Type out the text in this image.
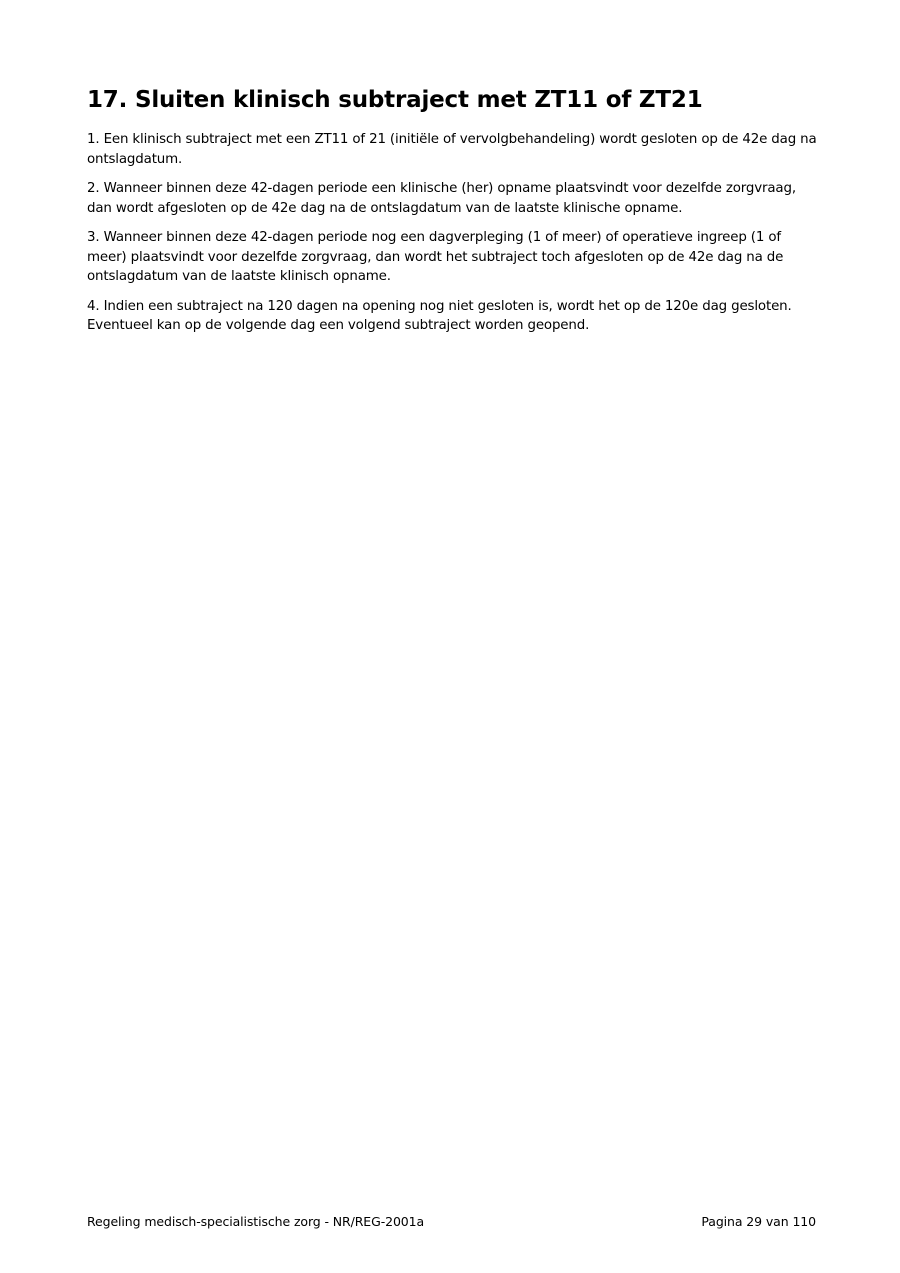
17. Sluiten klinisch subtraject met ZT11 of ZT21

1. Een klinisch subtraject met een ZT11 of 21 (initiële of vervolgbehandeling) wordt gesloten op de 42e dag na ontslagdatum.

2. Wanneer binnen deze 42-dagen periode een klinische (her) opname plaatsvindt voor dezelfde zorgvraag, dan wordt afgesloten op de 42e dag na de ontslagdatum van de laatste klinische opname.

3. Wanneer binnen deze 42-dagen periode nog een dagverpleging (1 of meer) of operatieve ingreep (1 of meer) plaatsvindt voor dezelfde zorgvraag, dan wordt het subtraject toch afgesloten op de 42e dag na de ontslagdatum van de laatste klinisch opname.

4. Indien een subtraject na 120 dagen na opening nog niet gesloten is, wordt het op de 120e dag gesloten. Eventueel kan op de volgende dag een volgend subtraject worden geopend.

Regeling medisch-specialistische zorg - NR/REG-2001a	Pagina 29 van 110
